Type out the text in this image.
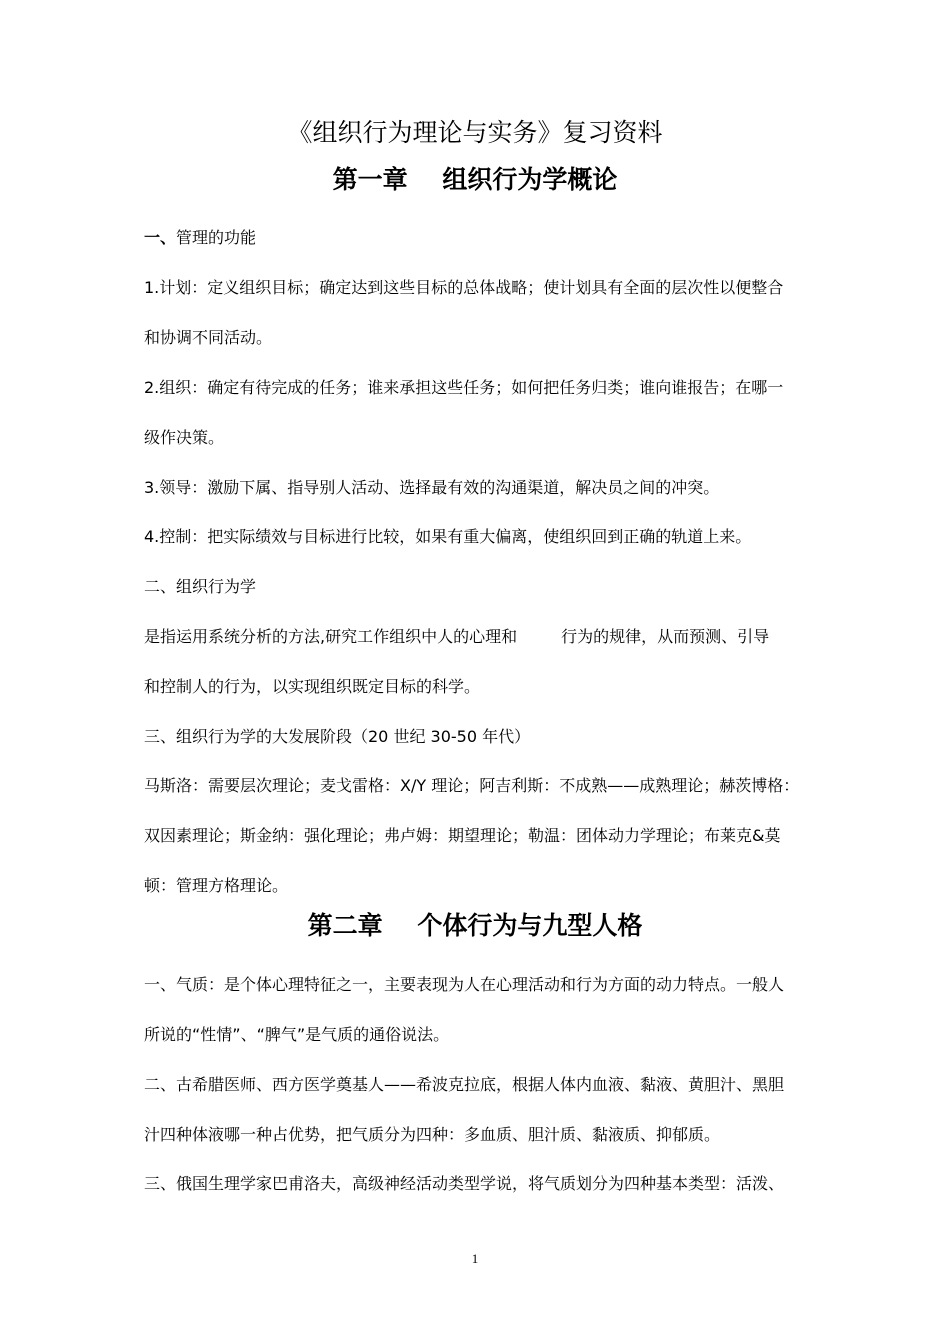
《组织行为理论与实务》复习资料
第一章    组织行为学概论

一、管理的功能

1.计划：定义组织目标；确定达到这些目标的总体战略；使计划具有全面的层次性以便整合

和协调不同活动。

2.组织：确定有待完成的任务；谁来承担这些任务；如何把任务归类；谁向谁报告；在哪一

级作决策。

3.领导：激励下属、指导别人活动、选择最有效的沟通渠道，解决员之间的冲突。

4.控制：把实际绩效与目标进行比较，如果有重大偏离，使组织回到正确的轨道上来。

二、组织行为学

是指运用系统分析的方法,研究工作组织中人的心理和	行为的规律，从而预测、引导

和控制人的行为，以实现组织既定目标的科学。

三、组织行为学的大发展阶段（20 世纪 30-50 年代）

马斯洛：需要层次理论；麦戈雷格：X/Y 理论；阿吉利斯：不成熟——成熟理论；赫茨博格：

双因素理论；斯金纳：强化理论；弗卢姆：期望理论；勒温：团体动力学理论；布莱克&莫

顿：管理方格理论。

第二章    个体行为与九型人格

一、气质：是个体心理特征之一，主要表现为人在心理活动和行为方面的动力特点。一般人

所说的“性情”、“脾气”是气质的通俗说法。

二、古希腊医师、西方医学奠基人——希波克拉底，根据人体内血液、黏液、黄胆汁、黑胆

汁四种体液哪一种占优势，把气质分为四种：多血质、胆汁质、黏液质、抑郁质。

三、俄国生理学家巴甫洛夫，高级神经活动类型学说，将气质划分为四种基本类型：活泼、

1
